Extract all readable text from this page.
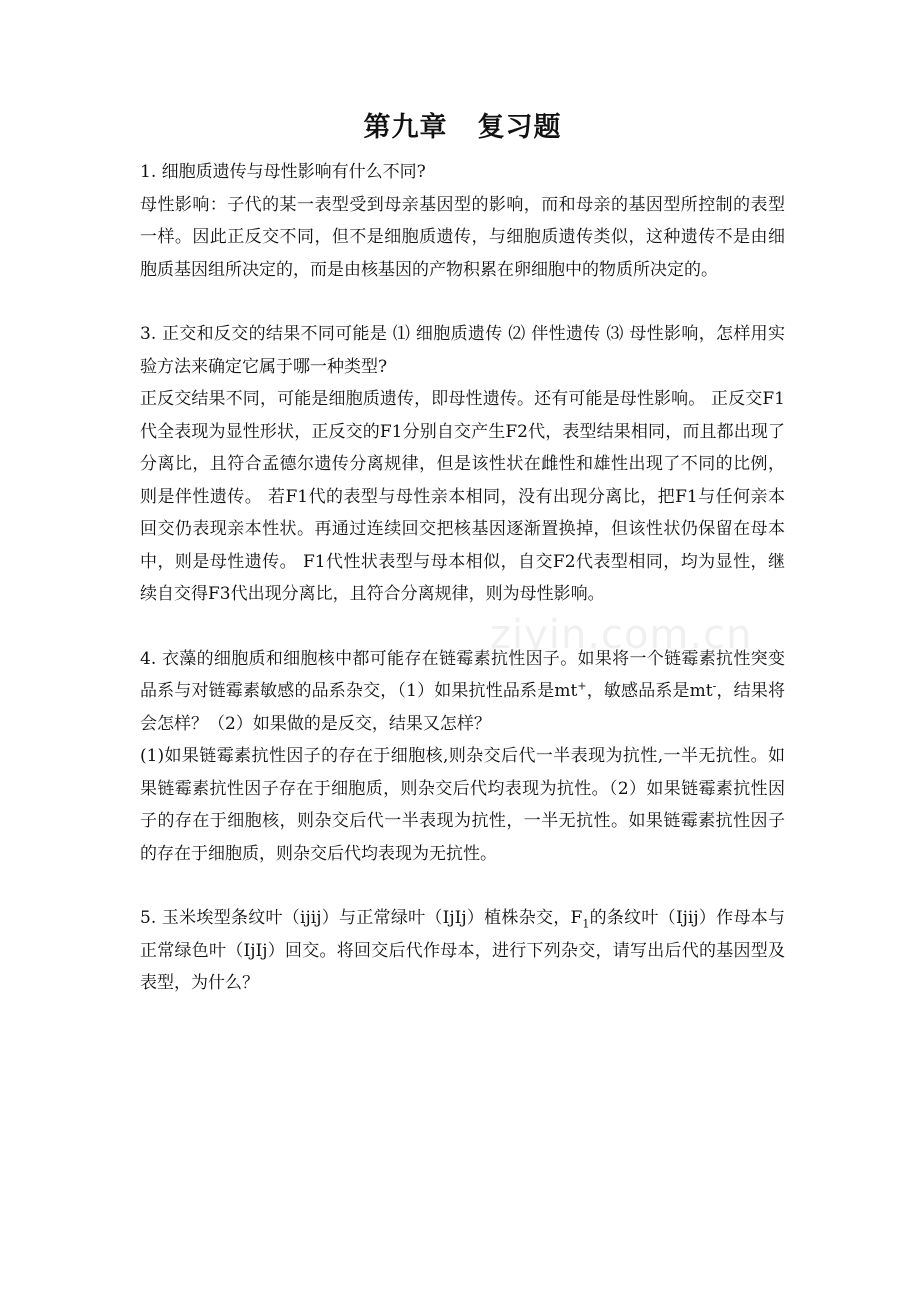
第九章 复习题

1. 细胞质遗传与母性影响有什么不同?

母性影响：子代的某一表型受到母亲基因型的影响，而和母亲的基因型所控制的表型一样。因此正反交不同，但不是细胞质遗传，与细胞质遗传类似，这种遗传不是由细胞质基因组所决定的，而是由核基因的产物积累在卵细胞中的物质所决定的。

3. 正交和反交的结果不同可能是 ⑴ 细胞质遗传 ⑵ 伴性遗传 ⑶ 母性影响，怎样用实验方法来确定它属于哪一种类型?

正反交结果不同，可能是细胞质遗传，即母性遗传。还有可能是母性影响。 正反交F1代全表现为显性形状，正反交的F1分别自交产生F2代，表型结果相同，而且都出现了分离比，且符合孟德尔遗传分离规律，但是该性状在雌性和雄性出现了不同的比例，则是伴性遗传。 若F1代的表型与母性亲本相同，没有出现分离比，把F1与任何亲本回交仍表现亲本性状。再通过连续回交把核基因逐渐置换掉，但该性状仍保留在母本中，则是母性遗传。 F1代性状表型与母本相似，自交F2代表型相同，均为显性，继续自交得F3代出现分离比，且符合分离规律，则为母性影响。

4. 衣藻的细胞质和细胞核中都可能存在链霉素抗性因子。如果将一个链霉素抗性突变品系与对链霉素敏感的品系杂交，（1）如果抗性品系是mt+，敏感品系是mt-，结果将会怎样？（2）如果做的是反交，结果又怎样？

(1)如果链霉素抗性因子的存在于细胞核,则杂交后代一半表现为抗性,一半无抗性。如果链霉素抗性因子存在于细胞质，则杂交后代均表现为抗性。（2）如果链霉素抗性因子的存在于细胞核，则杂交后代一半表现为抗性，一半无抗性。如果链霉素抗性因子的存在于细胞质，则杂交后代均表现为无抗性。

5. 玉米埃型条纹叶（ijij）与正常绿叶（IjIj）植株杂交，$F_1$的条纹叶（Ijij）作母本与正常绿色叶（IjIj）回交。将回交后代作母本，进行下列杂交，请写出后代的基因型及表型，为什么？

ziyin.com.cn
